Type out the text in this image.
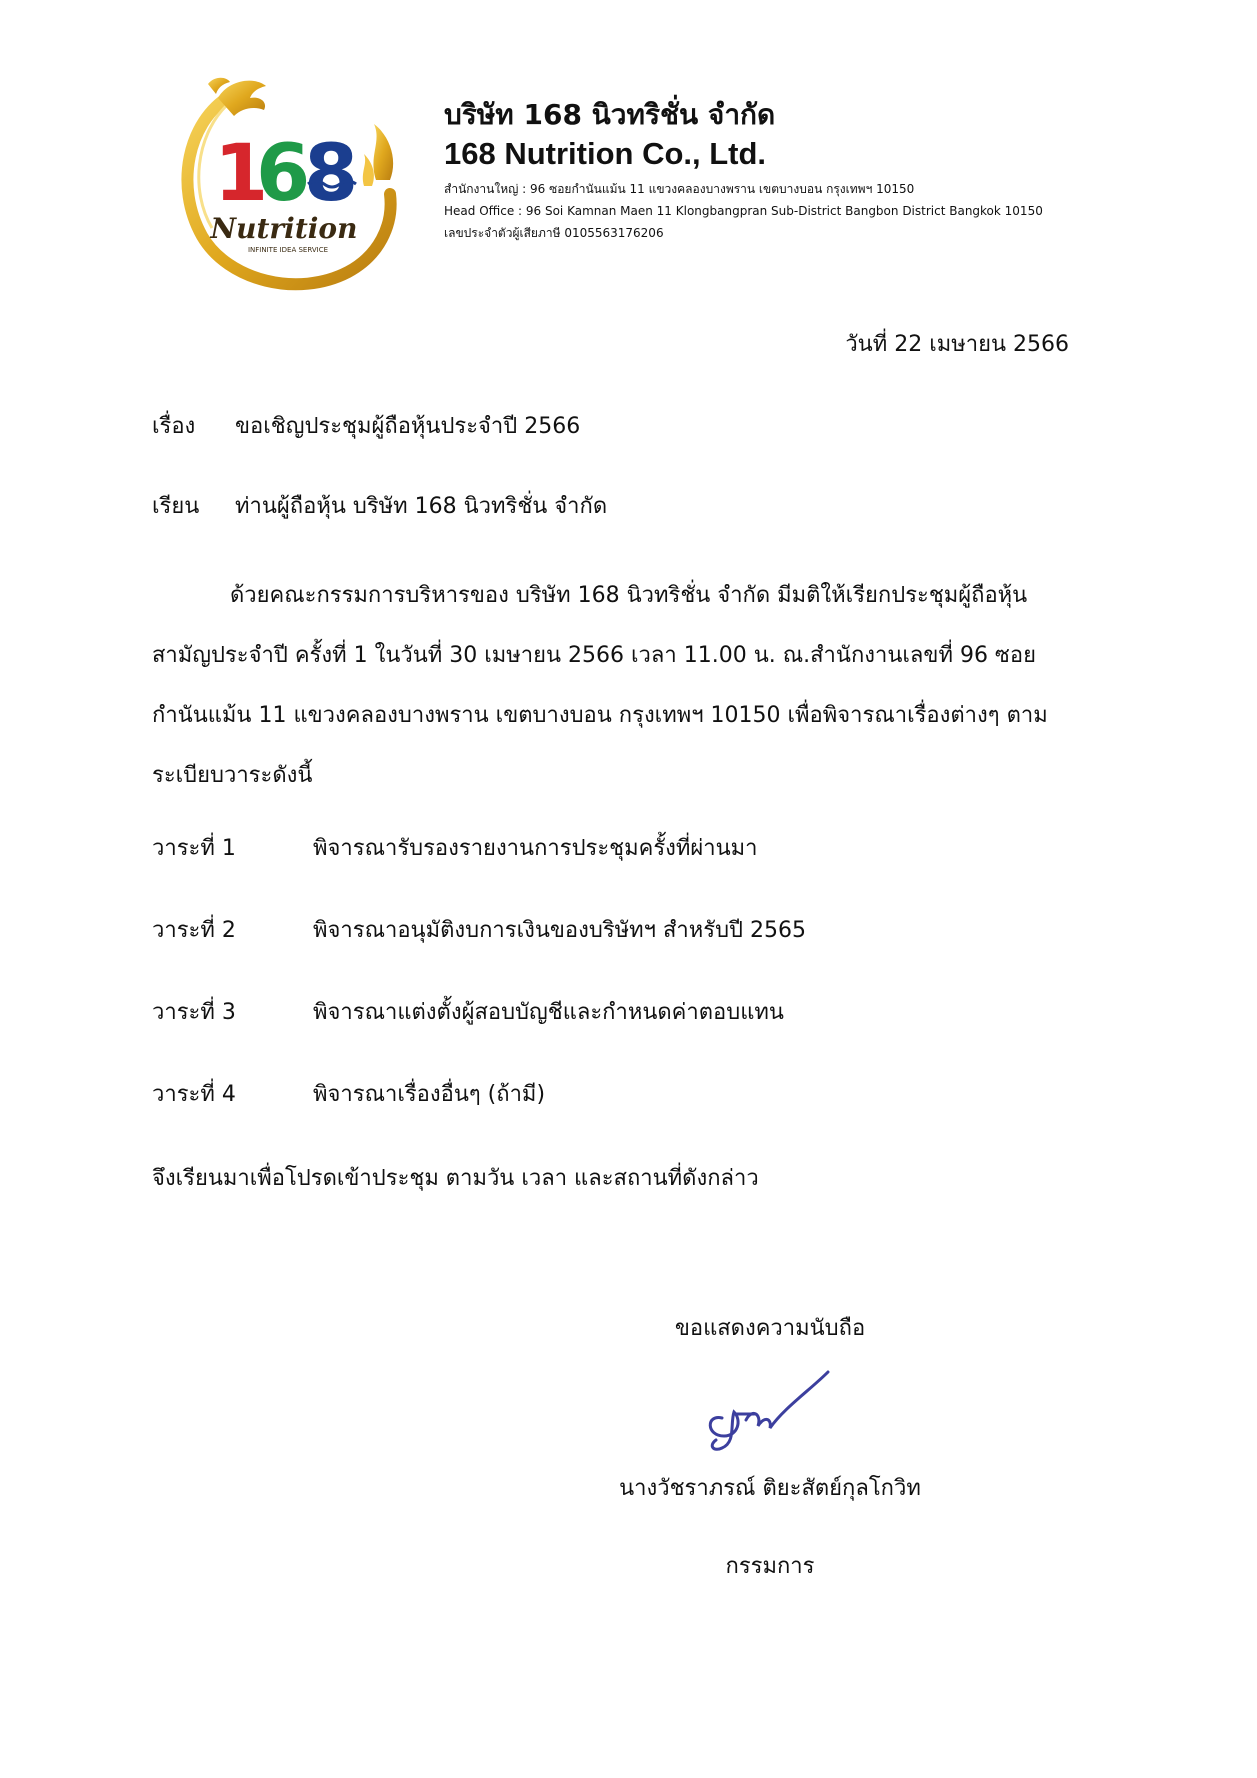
1
6
8
Nutrition
INFINITE IDEA SERVICE

บริษัท 168 นิวทริชั่น จำกัด

168 Nutrition Co., Ltd.

สำนักงานใหญ่ : 96 ซอยกำนันแม้น 11 แขวงคลองบางพราน เขตบางบอน กรุงเทพฯ 10150

Head Office : 96 Soi Kamnan Maen 11 Klongbangpran Sub-District Bangbon District Bangkok 10150

เลขประจำตัวผู้เสียภาษี 0105563176206

วันที่ 22 เมษายน 2566
เรื่อง ขอเชิญประชุมผู้ถือหุ้นประจำปี 2566
เรียน ท่านผู้ถือหุ้น บริษัท 168 นิวทริชั่น จำกัด

ด้วยคณะกรรมการบริหารของ บริษัท 168 นิวทริชั่น จำกัด มีมติให้เรียกประชุมผู้ถือหุ้น

สามัญประจำปี ครั้งที่ 1 ในวันที่ 30 เมษายน 2566 เวลา 11.00 น. ณ.สำนักงานเลขที่ 96 ซอย

กำนันแม้น 11 แขวงคลองบางพราน เขตบางบอน กรุงเทพฯ 10150 เพื่อพิจารณาเรื่องต่างๆ ตาม

ระเบียบวาระดังนี้

วาระที่ 1	พิจารณารับรองรายงานการประชุมครั้งที่ผ่านมา
วาระที่ 2	พิจารณาอนุมัติงบการเงินของบริษัทฯ สำหรับปี 2565
วาระที่ 3	พิจารณาแต่งตั้งผู้สอบบัญชีและกำหนดค่าตอบแทน
วาระที่ 4	พิจารณาเรื่องอื่นๆ (ถ้ามี)
จึงเรียนมาเพื่อโปรดเข้าประชุม ตามวัน เวลา และสถานที่ดังกล่าว
ขอแสดงความนับถือ
นางวัชราภรณ์ ติยะสัตย์กุลโกวิท
กรรมการ
